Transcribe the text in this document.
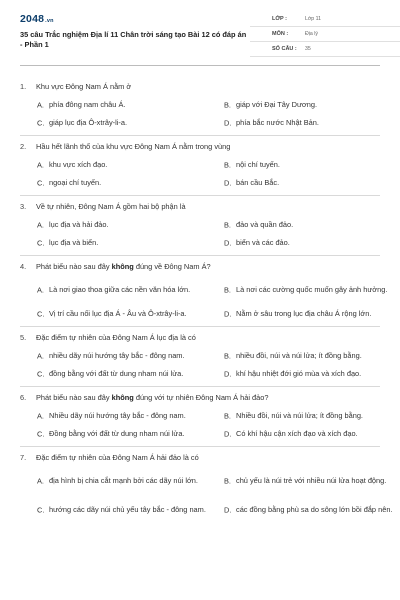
2048.vn
35 câu Trắc nghiệm Địa lí 11 Chân trời sáng tạo Bài 12 có đáp án - Phần 1
LỚP :	Lớp 11
MÔN :	Địa lý
SỐ CÂU : 35
1. Khu vực Đông Nam Á nằm ở
A. phía đông nam châu Á.	B. giáp với Đại Tây Dương.
C. giáp lục địa Ô-xtrây-li-a.	D. phía bắc nước Nhật Bản.
2. Hầu hết lãnh thổ của khu vực Đông Nam Á nằm trong vùng
A. khu vực xích đạo.	B. nội chí tuyến.
C. ngoại chí tuyến.	D. bán cầu Bắc.
3. Về tự nhiên, Đông Nam Á gồm hai bộ phận là
A. lục địa và hải đảo.	B. đảo và quần đảo.
C. lục địa và biển.	D. biển và các đảo.
4. Phát biểu nào sau đây không đúng về Đông Nam Á?
A. Là nơi giao thoa giữa các nền văn hóa lớn.	B. Là nơi các cường quốc muốn gây ảnh hưởng.
C. Vị trí cầu nối lục địa Á - Âu và Ô-xtrây-li-a.	D. Nằm ở sâu trong lục địa châu Á rộng lớn.
5. Đặc điểm tự nhiên của Đông Nam Á lục địa là có
A. nhiều dãy núi hướng tây bắc - đông nam.	B. nhiều đồi, núi và núi lửa; ít đồng bằng.
C. đồng bằng với đất từ dung nham núi lửa.	D. khí hậu nhiệt đới gió mùa và xích đạo.
6. Phát biểu nào sau đây không đúng với tự nhiên Đông Nam Á hải đảo?
A. Nhiều dãy núi hướng tây bắc - đông nam.	B. Nhiều đồi, núi và núi lửa; ít đồng bằng.
C. Đồng bằng với đất từ dung nham núi lửa.	D. Có khí hậu cận xích đạo và xích đạo.
7. Đặc điểm tự nhiên của Đông Nam Á hải đảo là có
A. địa hình bị chia cắt mạnh bởi các dãy núi lớn.	B. chủ yếu là núi trẻ với nhiều núi lửa hoạt động.
C. hướng các dãy núi chủ yếu tây bắc - đông nam. D. các đồng bằng phù sa do sông lớn bồi đắp nên.
